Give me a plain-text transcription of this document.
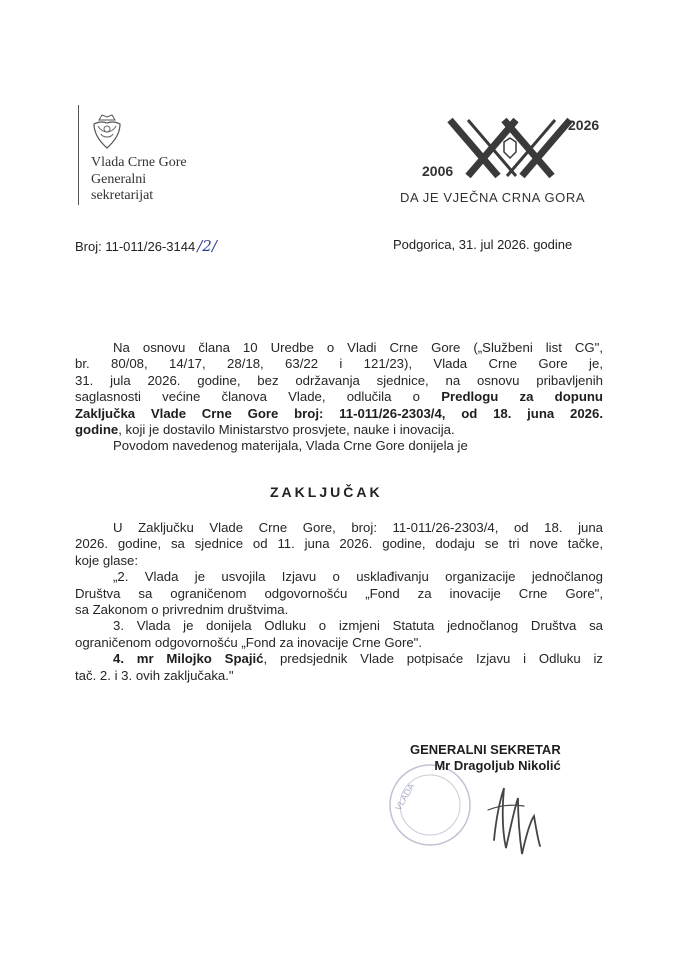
Vlada Crne Gore
Generalni
sekretarijat
2006
2026
DA JE VJEČNA CRNA GORA
Broj: 11-011/26-3144 /2/	Podgorica, 31. jul 2026. godine
Na osnovu člana 10 Uredbe o Vladi Crne Gore („Službeni list CG",
br. 80/08, 14/17, 28/18, 63/22 i 121/23), Vlada Crne Gore je,
31. jula 2026. godine, bez održavanja sjednice, na osnovu pribavljenih
saglasnosti većine članova Vlade, odlučila o Predlogu za dopunu
Zaključka Vlade Crne Gore broj: 11-011/26-2303/4, od 18. juna 2026.
godine, koji je dostavilo Ministarstvo prosvjete, nauke i inovacija.
Povodom navedenog materijala, Vlada Crne Gore donijela je
ZAKLJUČAK
U Zaključku Vlade Crne Gore, broj: 11-011/26-2303/4, od 18. juna
2026. godine, sa sjednice od 11. juna 2026. godine, dodaju se tri nove tačke,
koje glase:
„2. Vlada je usvojila Izjavu o usklađivanju organizacije jednočlanog
Društva sa ograničenom odgovornošću „Fond za inovacije Crne Gore",
sa Zakonom o privrednim društvima.
3. Vlada je donijela Odluku o izmjeni Statuta jednočlanog Društva sa
ograničenom odgovornošću „Fond za inovacije Crne Gore".
4. mr Milojko Spajić, predsjednik Vlade potpisaće Izjavu i Odluku iz
tač. 2. i 3. ovih zaključaka."
VLADA
GENERALNI SEKRETAR
Mr Dragoljub Nikolić
